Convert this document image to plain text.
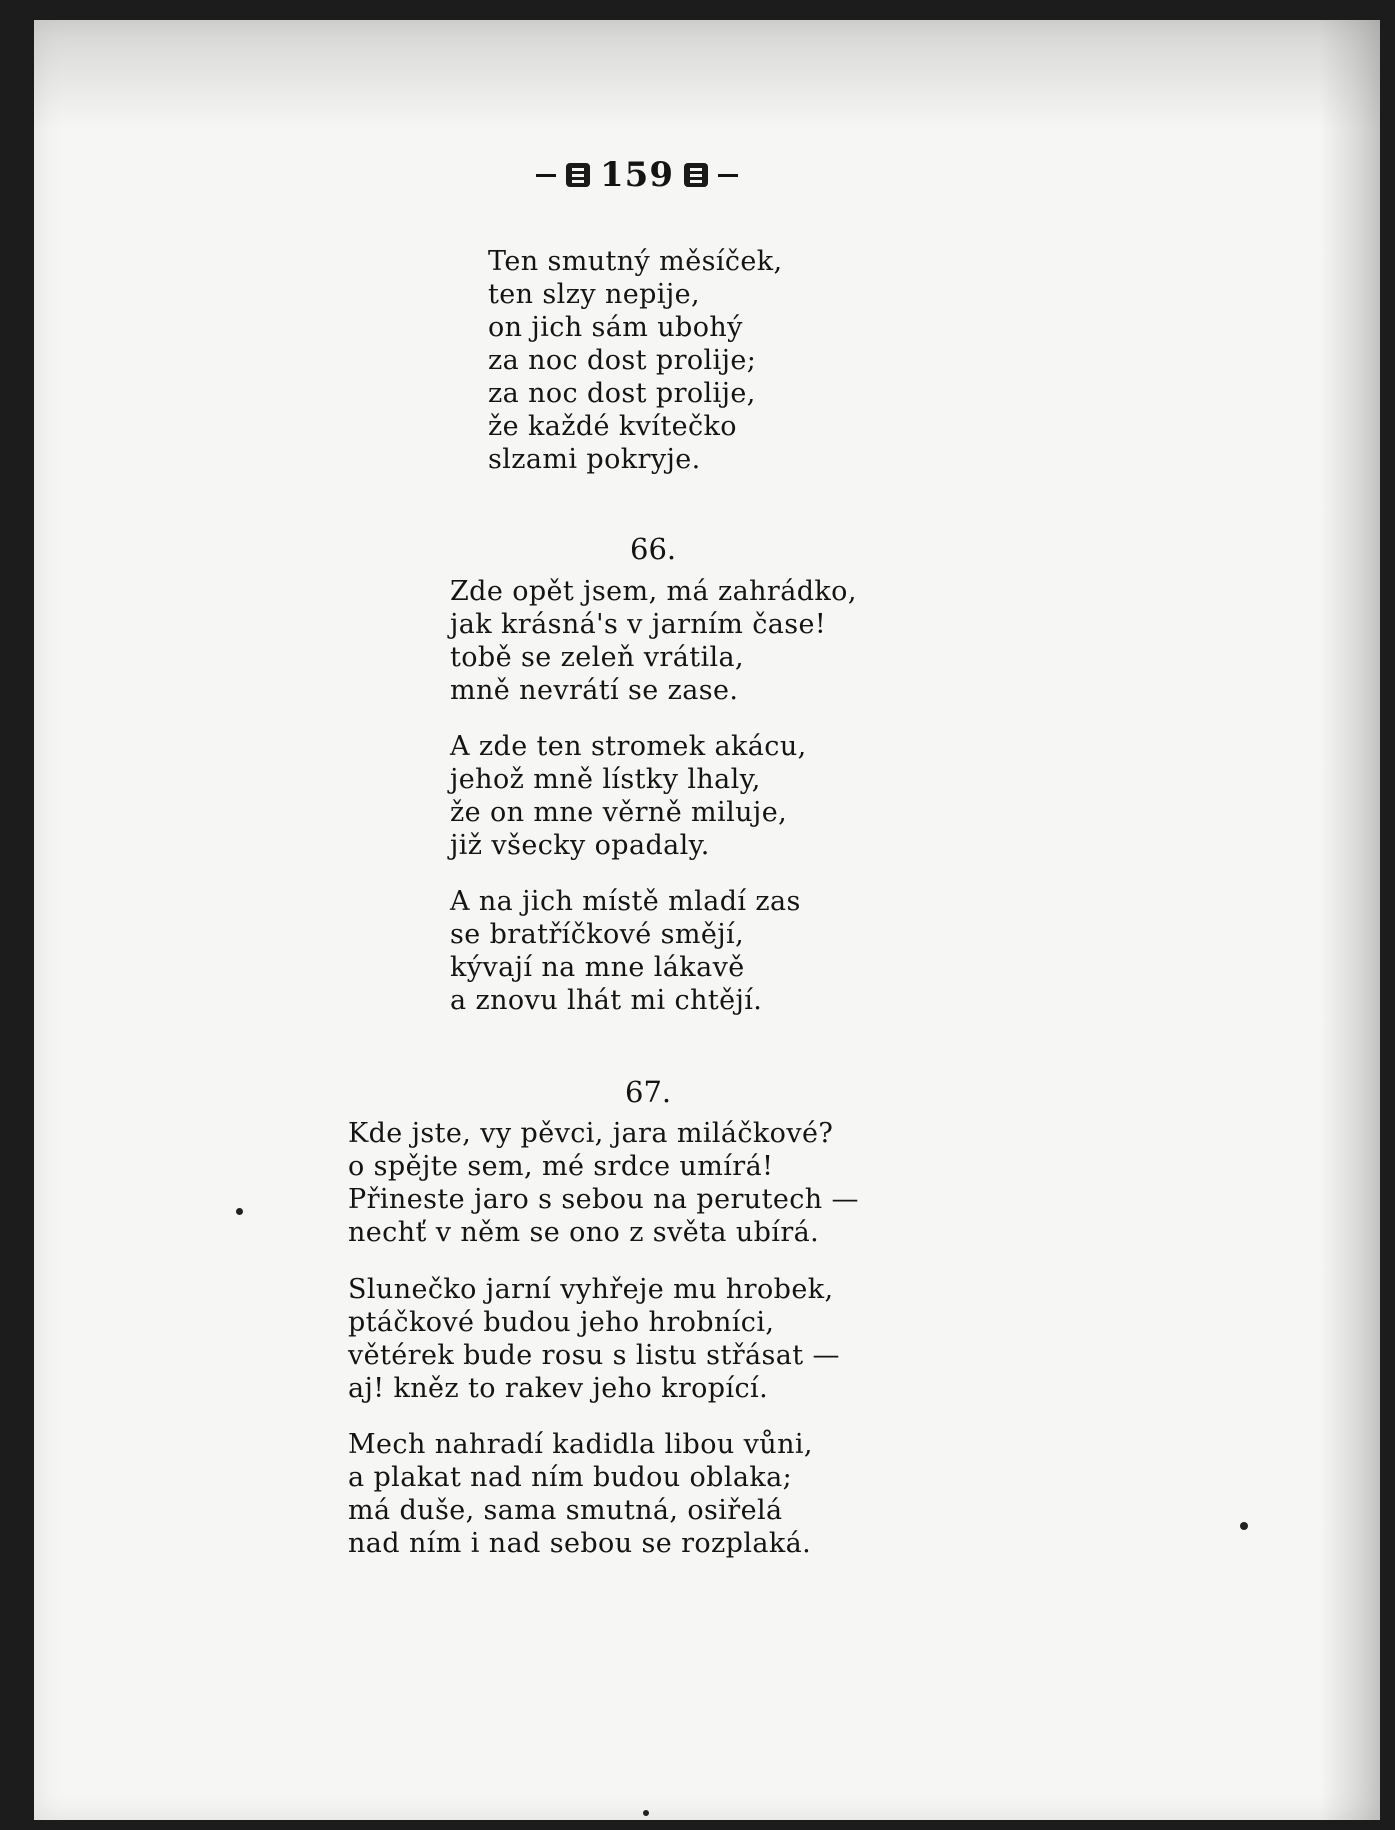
159
Ten smutný měsíček,
ten slzy nepije,
on jich sám ubohý
za noc dost prolije;
za noc dost prolije,
že každé kvítečko
slzami pokryje.
66.
Zde opět jsem, má zahrádko,
jak krásná's v jarním čase!
tobě se zeleň vrátila,
mně nevrátí se zase.
A zde ten stromek akácu,
jehož mně lístky lhaly,
že on mne věrně miluje,
již všecky opadaly.
A na jich místě mladí zas
se bratříčkové smějí,
kývají na mne lákavě
a znovu lhát mi chtějí.
67.
Kde jste, vy pěvci, jara miláčkové?
o spějte sem, mé srdce umírá!
Přineste jaro s sebou na perutech —
nechť v něm se ono z světa ubírá.
Slunečko jarní vyhřeje mu hrobek,
ptáčkové budou jeho hrobníci,
větérek bude rosu s listu střásat —
aj! kněz to rakev jeho kropící.
Mech nahradí kadidla libou vůni,
a plakat nad ním budou oblaka;
má duše, sama smutná, osiřelá
nad ním i nad sebou se rozplaká.
